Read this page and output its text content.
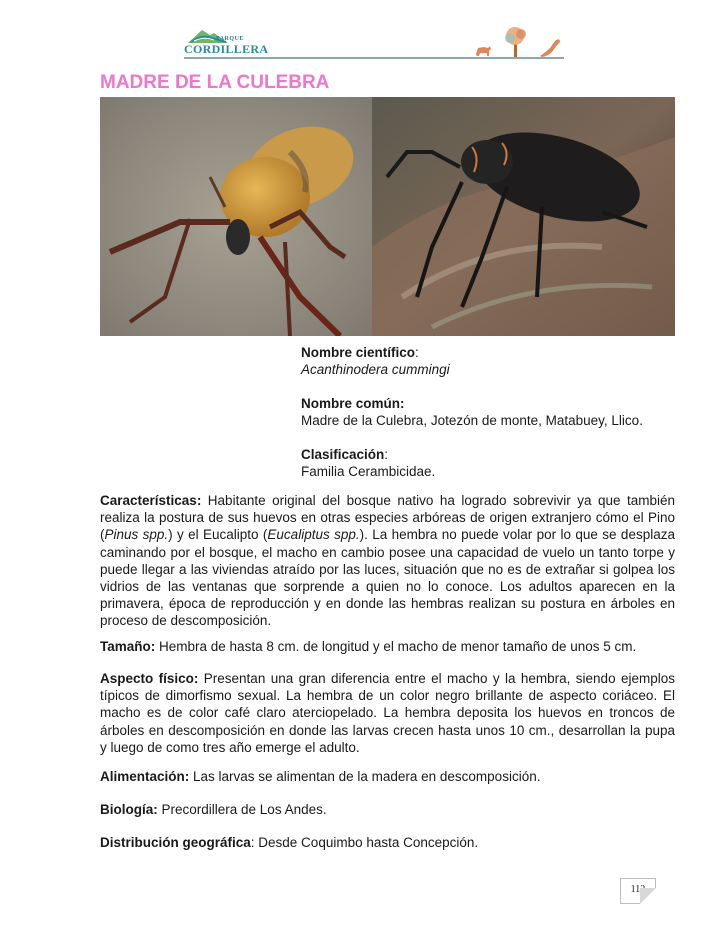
PARQUE
CORDILLERA
MADRE DE LA CULEBRA
Nombre científico:
Acanthinodera cummingi
Nombre común:
Madre de la Culebra, Jotezón de monte, Matabuey, Llico.
Clasificación:
Familia Cerambicidae.
Características: Habitante original del bosque nativo ha logrado sobrevivir ya que también realiza la postura de sus huevos en otras especies arbóreas de origen extranjero cómo el Pino (Pinus spp.) y el Eucalipto (Eucaliptus spp.). La hembra no puede volar por lo que se desplaza caminando por el bosque, el macho en cambio posee una capacidad de vuelo un tanto torpe y puede llegar a las viviendas atraído por las luces, situación que no es de extrañar si golpea los vidrios de las ventanas que sorprende a quien no lo conoce. Los adultos aparecen en la primavera, época de reproducción y en donde las hembras realizan su postura en árboles en proceso de descomposición.
Tamaño: Hembra de hasta 8 cm. de longitud y el macho de menor tamaño de unos 5 cm.
Aspecto físico: Presentan una gran diferencia entre el macho y la hembra, siendo ejemplos típicos de dimorfismo sexual. La hembra de un color negro brillante de aspecto coriáceo. El macho es de color café claro aterciopelado. La hembra deposita los huevos en troncos de árboles en descomposición en donde las larvas crecen hasta unos 10 cm., desarrollan la pupa y luego de como tres año emerge el adulto.
Alimentación: Las larvas se alimentan de la madera en descomposición.
Biología: Precordillera de Los Andes.
Distribución geográfica: Desde Coquimbo hasta Concepción.
112
